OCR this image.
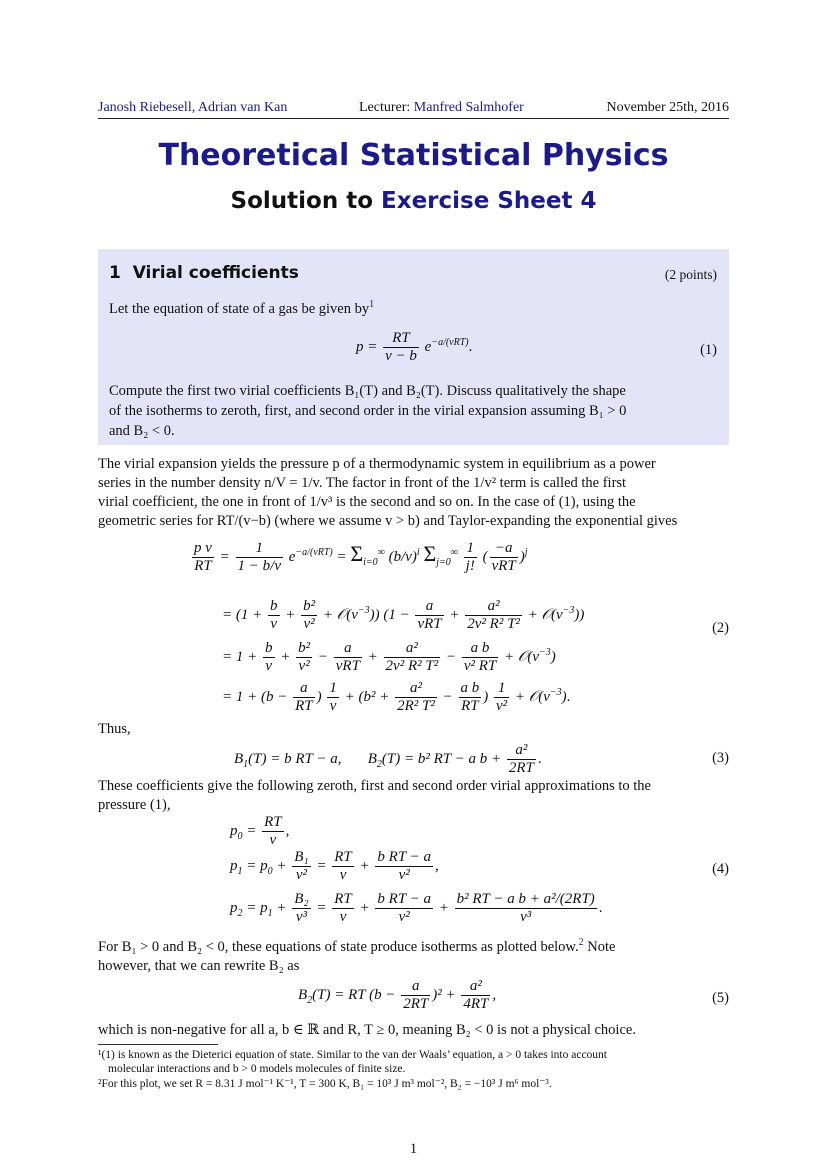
Janosh Riebesell, Adrian van Kan	Lecturer: Manfred Salmhofer	November 25th, 2016
Theoretical Statistical Physics
Solution to Exercise Sheet 4
1 Virial coefficients	(2 points)
Let the equation of state of a gas be given $by^1$
$p = \frac{RT}{v - b} e^{-a/(vRT)}$.	(1)
Compute the first two virial coefficients B₁(T) and B₂(T). Discuss qualitatively the shape
of the isotherms to zeroth, first, and second order in the virial expansion assuming B₁ > 0
and B₂ < 0.
The virial expansion yields the pressure p of a thermodynamic system in equilibrium as a power
series in the number density n/V = 1/v. The factor in front of the 1/v² term is called the first
virial coefficient, the one in front of 1/v³ is the second and so on. In the case of (1), using the
geometric series for RT/(v−b) (where we assume v > b) and Taylor-expanding the exponential gives
$\frac{\text{p v}}{RT} = \frac{1}{1 - b/v} e^{-a/(vRT)} = \Sigma_{i=0}^\infty$ $(b/v)^i$ $\Sigma_{j=0}^\infty \frac{1}{j!}$ ( $\frac{-a}{\text{vRT}} )^j$
= ($1 + \frac{b}{v} + \frac{\text{b²}}{\text{v²}}$ + $𝒪(v^{-3})$) ($1 - \frac{a}{\text{vRT}} + \frac{\text{a²}}{\text{2v² R² T²}}$ + $𝒪(v^{-3})$)
(2)
= $1 + \frac{b}{v} + \frac{\text{b²}}{\text{v²}} - \frac{a}{\text{vRT}} + \frac{\text{a²}}{\text{2v² R² T²}} - \frac{\text{a b}}{\text{v² RT}}$ + $𝒪(v^{-3})$
= $1 + (b - \frac{a}{RT}$ ) $\frac{1}{v} + (b^2 + \frac{\text{a²}}{\text{2R² T²}} - \frac{\text{a b}}{RT}$ ) $\frac{1}{\text{v²}}$ + $𝒪(v^{-3})$.
Thus,
$B_1(T) = b$ RT − a,       $B_2(T) = b^2$ RT − a $b + \frac{\text{a²}}{2RT}$ .	(3)
These coefficients give the following zeroth, first and second order virial approximations to the
pressure (1),
$p_0 = \frac{RT}{v}$ ,
$p_1 = p_0 + \frac{\text{B₁}}{\text{v²}} = \frac{RT}{v} + \frac{\text{b RT − a}}{\text{v²}}$ ,	(4)
$p_2 = p_1 + \frac{\text{B₂}}{\text{v³}} = \frac{RT}{v} + \frac{\text{b RT − a}}{\text{v²}} + \frac{\text{b² RT − a b + a²/(2RT)}}{\text{v³}}$ .
For B₁ > 0 and B₂ < 0, these equations of state produce isotherms as plotted below.$^2$ Note
however, that we can rewrite B₂ as
$B_2(T)$ = RT $(b - \frac{a}{2RT} )^2 + \frac{\text{a²}}{4RT}$ ,	(5)
which is non-negative for all a, b ∈ ℝ and R, T ≥ 0, meaning B₂ < 0 is not a physical choice.
¹(1) is known as the Dieterici equation of state. Similar to the van der Waals’ equation, a > 0 takes into account
molecular interactions and b > 0 models molecules of finite size.
²For this plot, we set R = 8.31 J mol⁻¹ K⁻¹, T = 300 K, B₁ = 10³ J m³ mol⁻², B₂ = −10³ J m⁶ mol⁻³.
1
